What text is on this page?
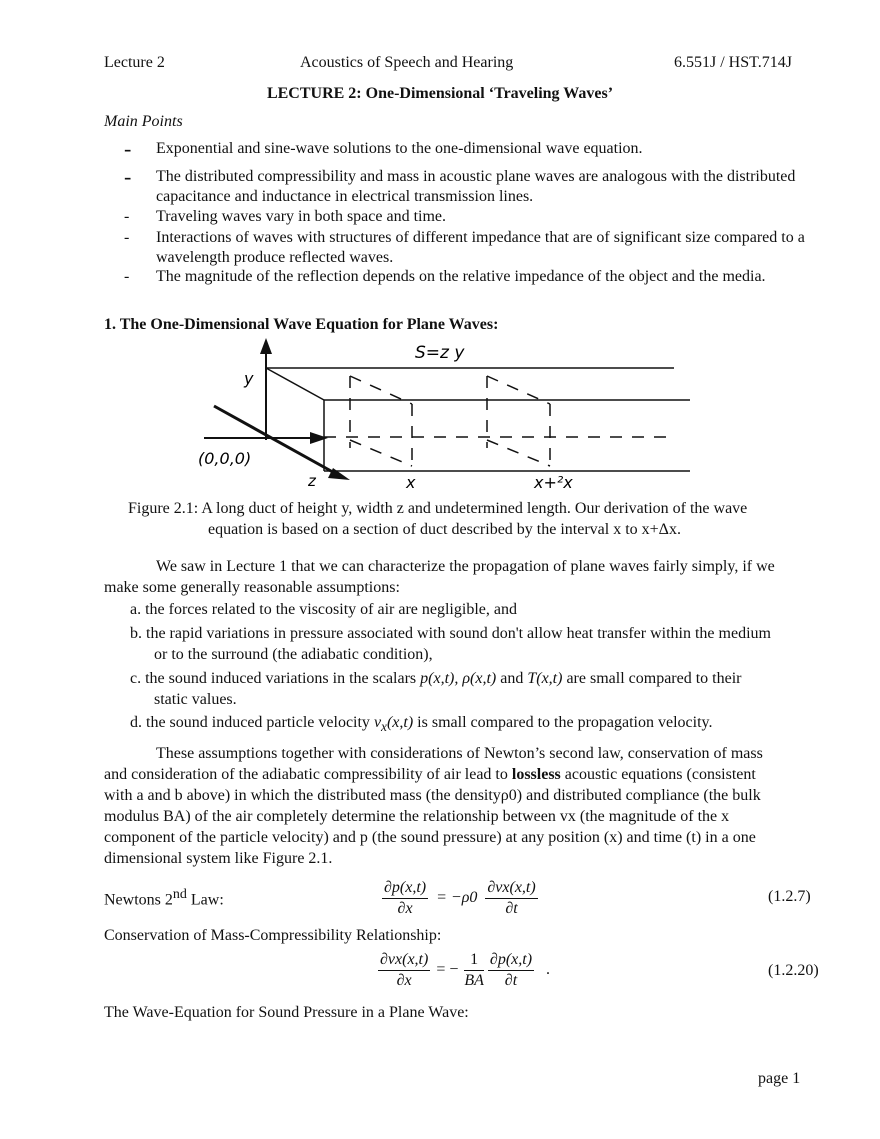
Lecture 2	Acoustics of Speech and Hearing	6.551J / HST.714J
LECTURE 2: One-Dimensional ‘Traveling Waves’
Main Points
- Exponential and sine-wave solutions to the one-dimensional wave equation.
- The distributed compressibility and mass in acoustic plane waves are analogous with the distributed capacitance and inductance in electrical transmission lines.
- Traveling waves vary in both space and time.
- Interactions of waves with structures of different impedance that are of significant size compared to a wavelength produce reflected waves.
- The magnitude of the reflection depends on the relative impedance of the object and the media.
1. The One-Dimensional Wave Equation for Plane Waves:
S=z y
y
z
(0,0,0)
x	x+²x
Figure 2.1: A long duct of height y, width z and undetermined length. Our derivation of the wave
equation is based on a section of duct described by the interval x to x+Δx.
We saw in Lecture 1 that we can characterize the propagation of plane waves fairly simply, if we
make some generally reasonable assumptions:
a. the forces related to the viscosity of air are negligible, and
b. the rapid variations in pressure associated with sound don't allow heat transfer within the medium
or to the surround (the adiabatic condition),
c. the sound induced variations in the scalars p(x,t), ρ(x,t) and T(x,t) are small compared to their
static values.
d. the sound induced particle velocity $v_x(x,t)$ is small compared to the propagation velocity.
These assumptions together with considerations of Newton’s second law, conservation of mass
and consideration of the adiabatic compressibility of air lead to lossless acoustic equations (consistent
with a and b above) in which the distributed mass (the densityρ0) and distributed compliance (the bulk
modulus BA) of the air completely determine the relationship between vx (the magnitude of the x
component of the particle velocity) and p (the sound pressure) at any position (x) and time (t) in a one
dimensional system like Figure 2.1.
Newtons 2nd Law:	$\frac{\partial p(x,t)}{\partial x} = -\rho 0 \frac{\partial vx(x,t)}{\partial t}$	(1.2.7)
Conservation of Mass-Compressibility Relationship:
$\frac{\partial vx(x,t)}{\partial x}$ = − $\frac{1}{BA}$
$\frac{\partial p(x,t)}{\partial t}$ .	(1.2.20)
The Wave-Equation for Sound Pressure in a Plane Wave:
page 1
